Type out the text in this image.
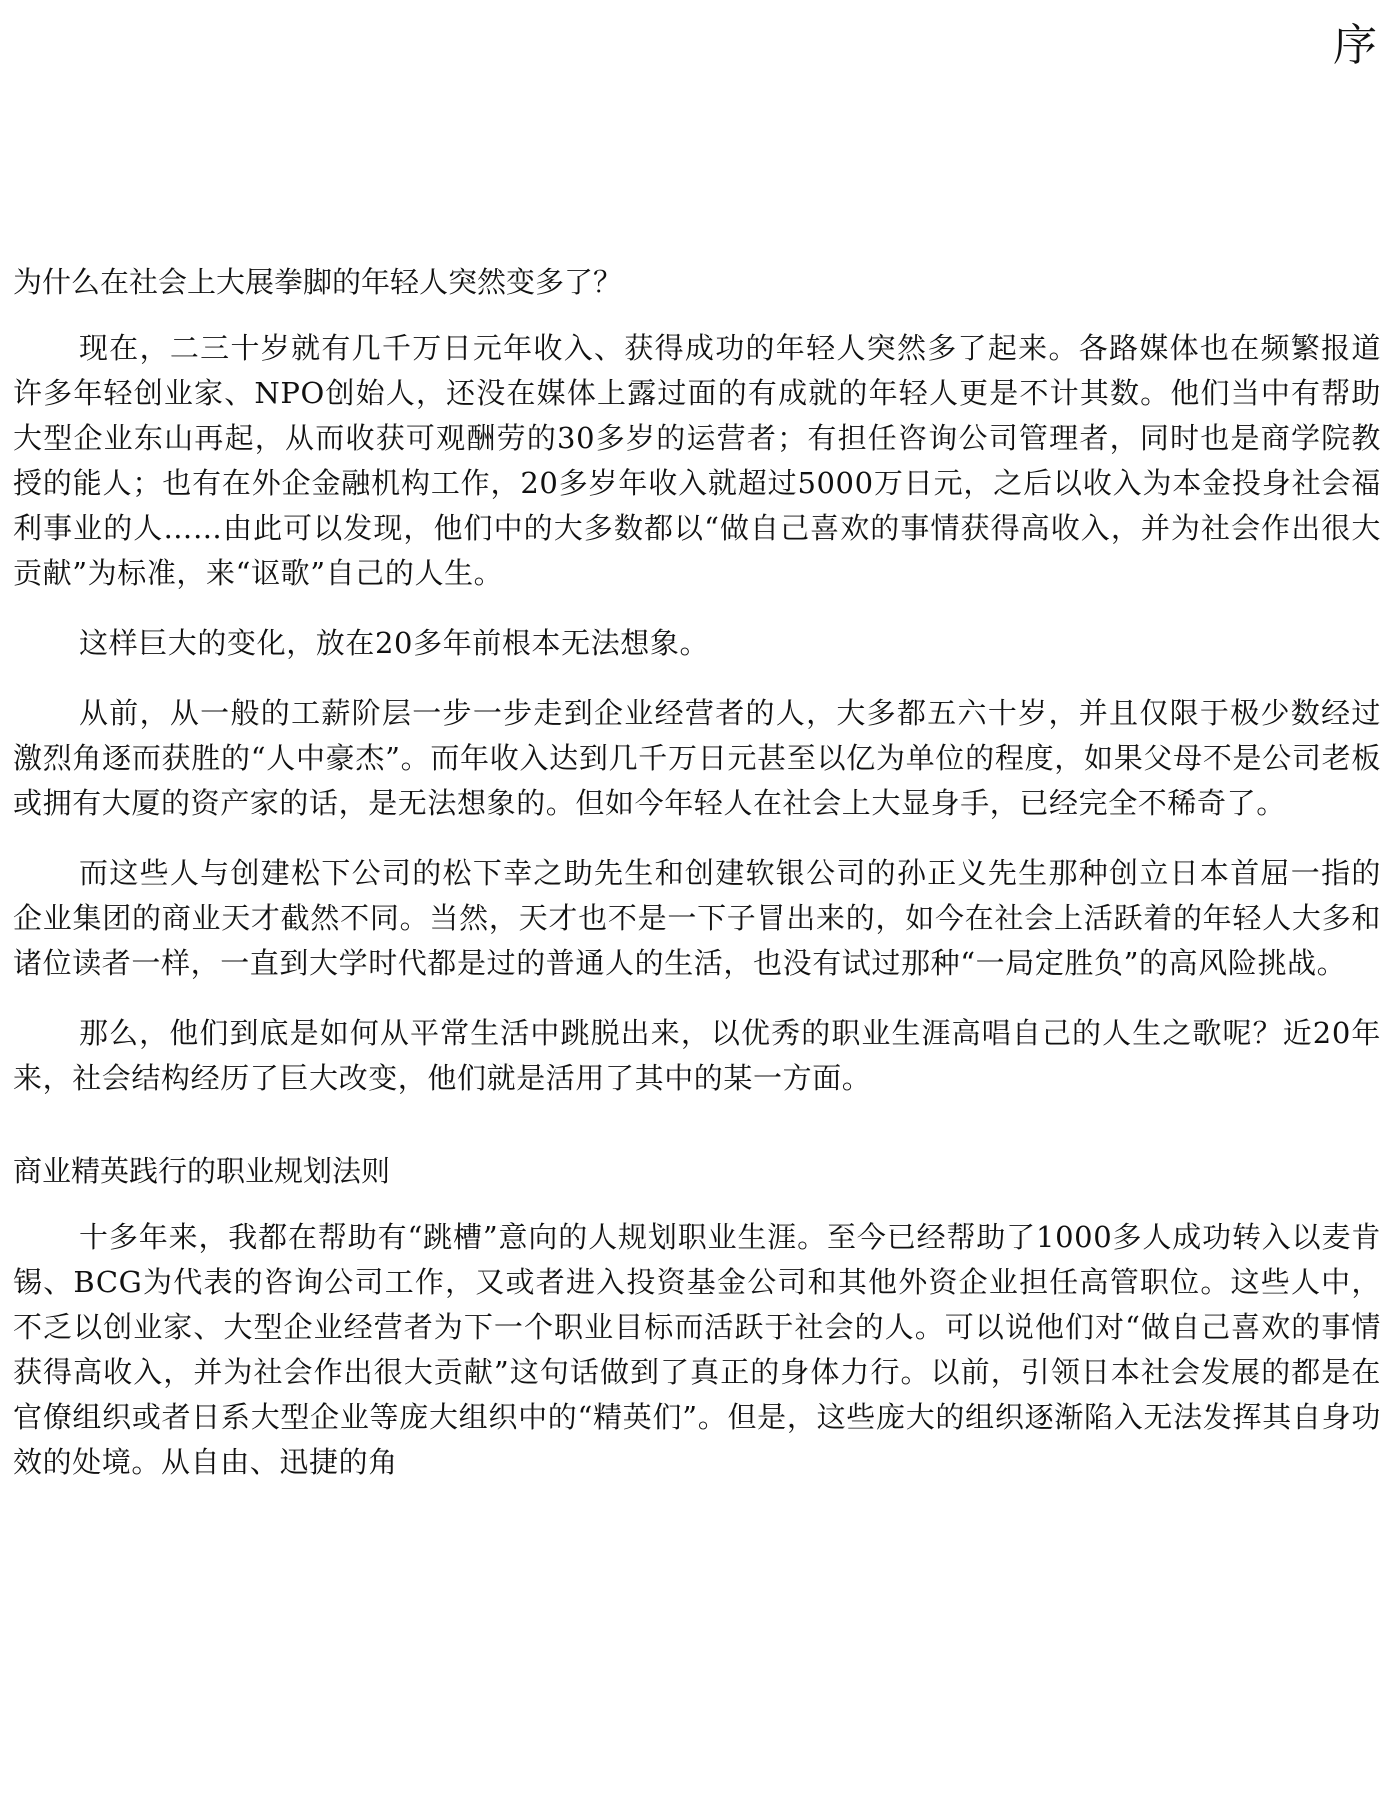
序
为什么在社会上大展拳脚的年轻人突然变多了？

现在，二三十岁就有几千万日元年收入、获得成功的年轻人突然多了起来。各路媒体也在频繁报道许多年轻创业家、NPO创始人，还没在媒体上露过面的有成就的年轻人更是不计其数。他们当中有帮助大型企业东山再起，从而收获可观酬劳的30多岁的运营者；有担任咨询公司管理者，同时也是商学院教授的能人；也有在外企金融机构工作，20多岁年收入就超过5000万日元，之后以收入为本金投身社会福利事业的人……由此可以发现，他们中的大多数都以“做自己喜欢的事情获得高收入，并为社会作出很大贡献”为标准，来“讴歌”自己的人生。

这样巨大的变化，放在20多年前根本无法想象。

从前，从一般的工薪阶层一步一步走到企业经营者的人，大多都五六十岁，并且仅限于极少数经过激烈角逐而获胜的“人中豪杰”。而年收入达到几千万日元甚至以亿为单位的程度，如果父母不是公司老板或拥有大厦的资产家的话，是无法想象的。但如今年轻人在社会上大显身手，已经完全不稀奇了。

而这些人与创建松下公司的松下幸之助先生和创建软银公司的孙正义先生那种创立日本首屈一指的企业集团的商业天才截然不同。当然，天才也不是一下子冒出来的，如今在社会上活跃着的年轻人大多和诸位读者一样，一直到大学时代都是过的普通人的生活，也没有试过那种“一局定胜负”的高风险挑战。

那么，他们到底是如何从平常生活中跳脱出来，以优秀的职业生涯高唱自己的人生之歌呢？近20年来，社会结构经历了巨大改变，他们就是活用了其中的某一方面。

商业精英践行的职业规划法则

十多年来，我都在帮助有“跳槽”意向的人规划职业生涯。至今已经帮助了1000多人成功转入以麦肯锡、BCG为代表的咨询公司工作，又或者进入投资基金公司和其他外资企业担任高管职位。这些人中，不乏以创业家、大型企业经营者为下一个职业目标而活跃于社会的人。可以说他们对“做自己喜欢的事情获得高收入，并为社会作出很大贡献”这句话做到了真正的身体力行。以前，引领日本社会发展的都是在官僚组织或者日系大型企业等庞大组织中的“精英们”。但是，这些庞大的组织逐渐陷入无法发挥其自身功效的处境。从自由、迅捷的角
